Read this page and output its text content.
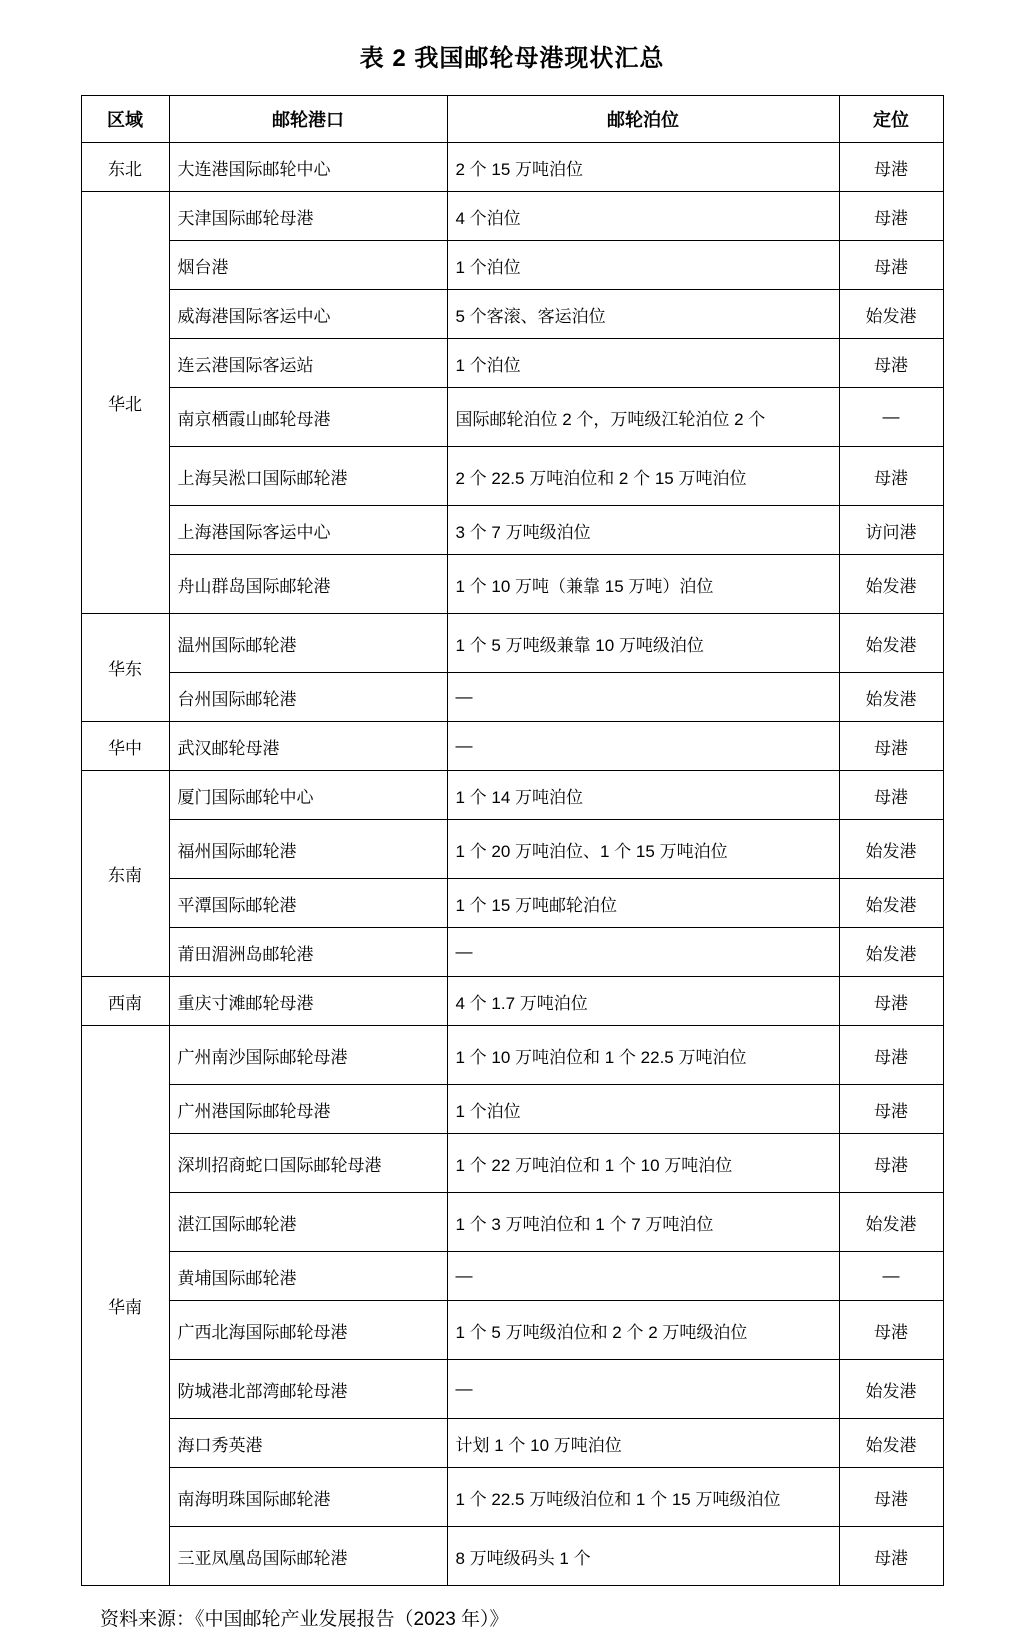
表 2 我国邮轮母港现状汇总
区域	邮轮港口	邮轮泊位	定位
东北	大连港国际邮轮中心	2 个 15 万吨泊位	母港
华北	天津国际邮轮母港	4 个泊位	母港
	烟台港	1 个泊位	母港
	威海港国际客运中心	5 个客滚、客运泊位	始发港
	连云港国际客运站	1 个泊位	母港
	南京栖霞山邮轮母港	国际邮轮泊位 2 个，万吨级江轮泊位 2 个	—
	上海吴淞口国际邮轮港	2 个 22.5 万吨泊位和 2 个 15 万吨泊位	母港
	上海港国际客运中心	3 个 7 万吨级泊位	访问港
	舟山群岛国际邮轮港	1 个 10 万吨（兼靠 15 万吨）泊位	始发港
华东	温州国际邮轮港	1 个 5 万吨级兼靠 10 万吨级泊位	始发港
	台州国际邮轮港	—	始发港
华中	武汉邮轮母港	—	母港
东南	厦门国际邮轮中心	1 个 14 万吨泊位	母港
	福州国际邮轮港	1 个 20 万吨泊位、1 个 15 万吨泊位	始发港
	平潭国际邮轮港	1 个 15 万吨邮轮泊位	始发港
	莆田湄洲岛邮轮港	—	始发港
西南	重庆寸滩邮轮母港	4 个 1.7 万吨泊位	母港
华南	广州南沙国际邮轮母港	1 个 10 万吨泊位和 1 个 22.5 万吨泊位	母港
	广州港国际邮轮母港	1 个泊位	母港
	深圳招商蛇口国际邮轮母港	1 个 22 万吨泊位和 1 个 10 万吨泊位	母港
	湛江国际邮轮港	1 个 3 万吨泊位和 1 个 7 万吨泊位	始发港
	黄埔国际邮轮港	—	—
	广西北海国际邮轮母港	1 个 5 万吨级泊位和 2 个 2 万吨级泊位	母港
	防城港北部湾邮轮母港	—	始发港
	海口秀英港	计划 1 个 10 万吨泊位	始发港
	南海明珠国际邮轮港	1 个 22.5 万吨级泊位和 1 个 15 万吨级泊位	母港
	三亚凤凰岛国际邮轮港	8 万吨级码头 1 个	母港
资料来源：《中国邮轮产业发展报告（2023 年）》
